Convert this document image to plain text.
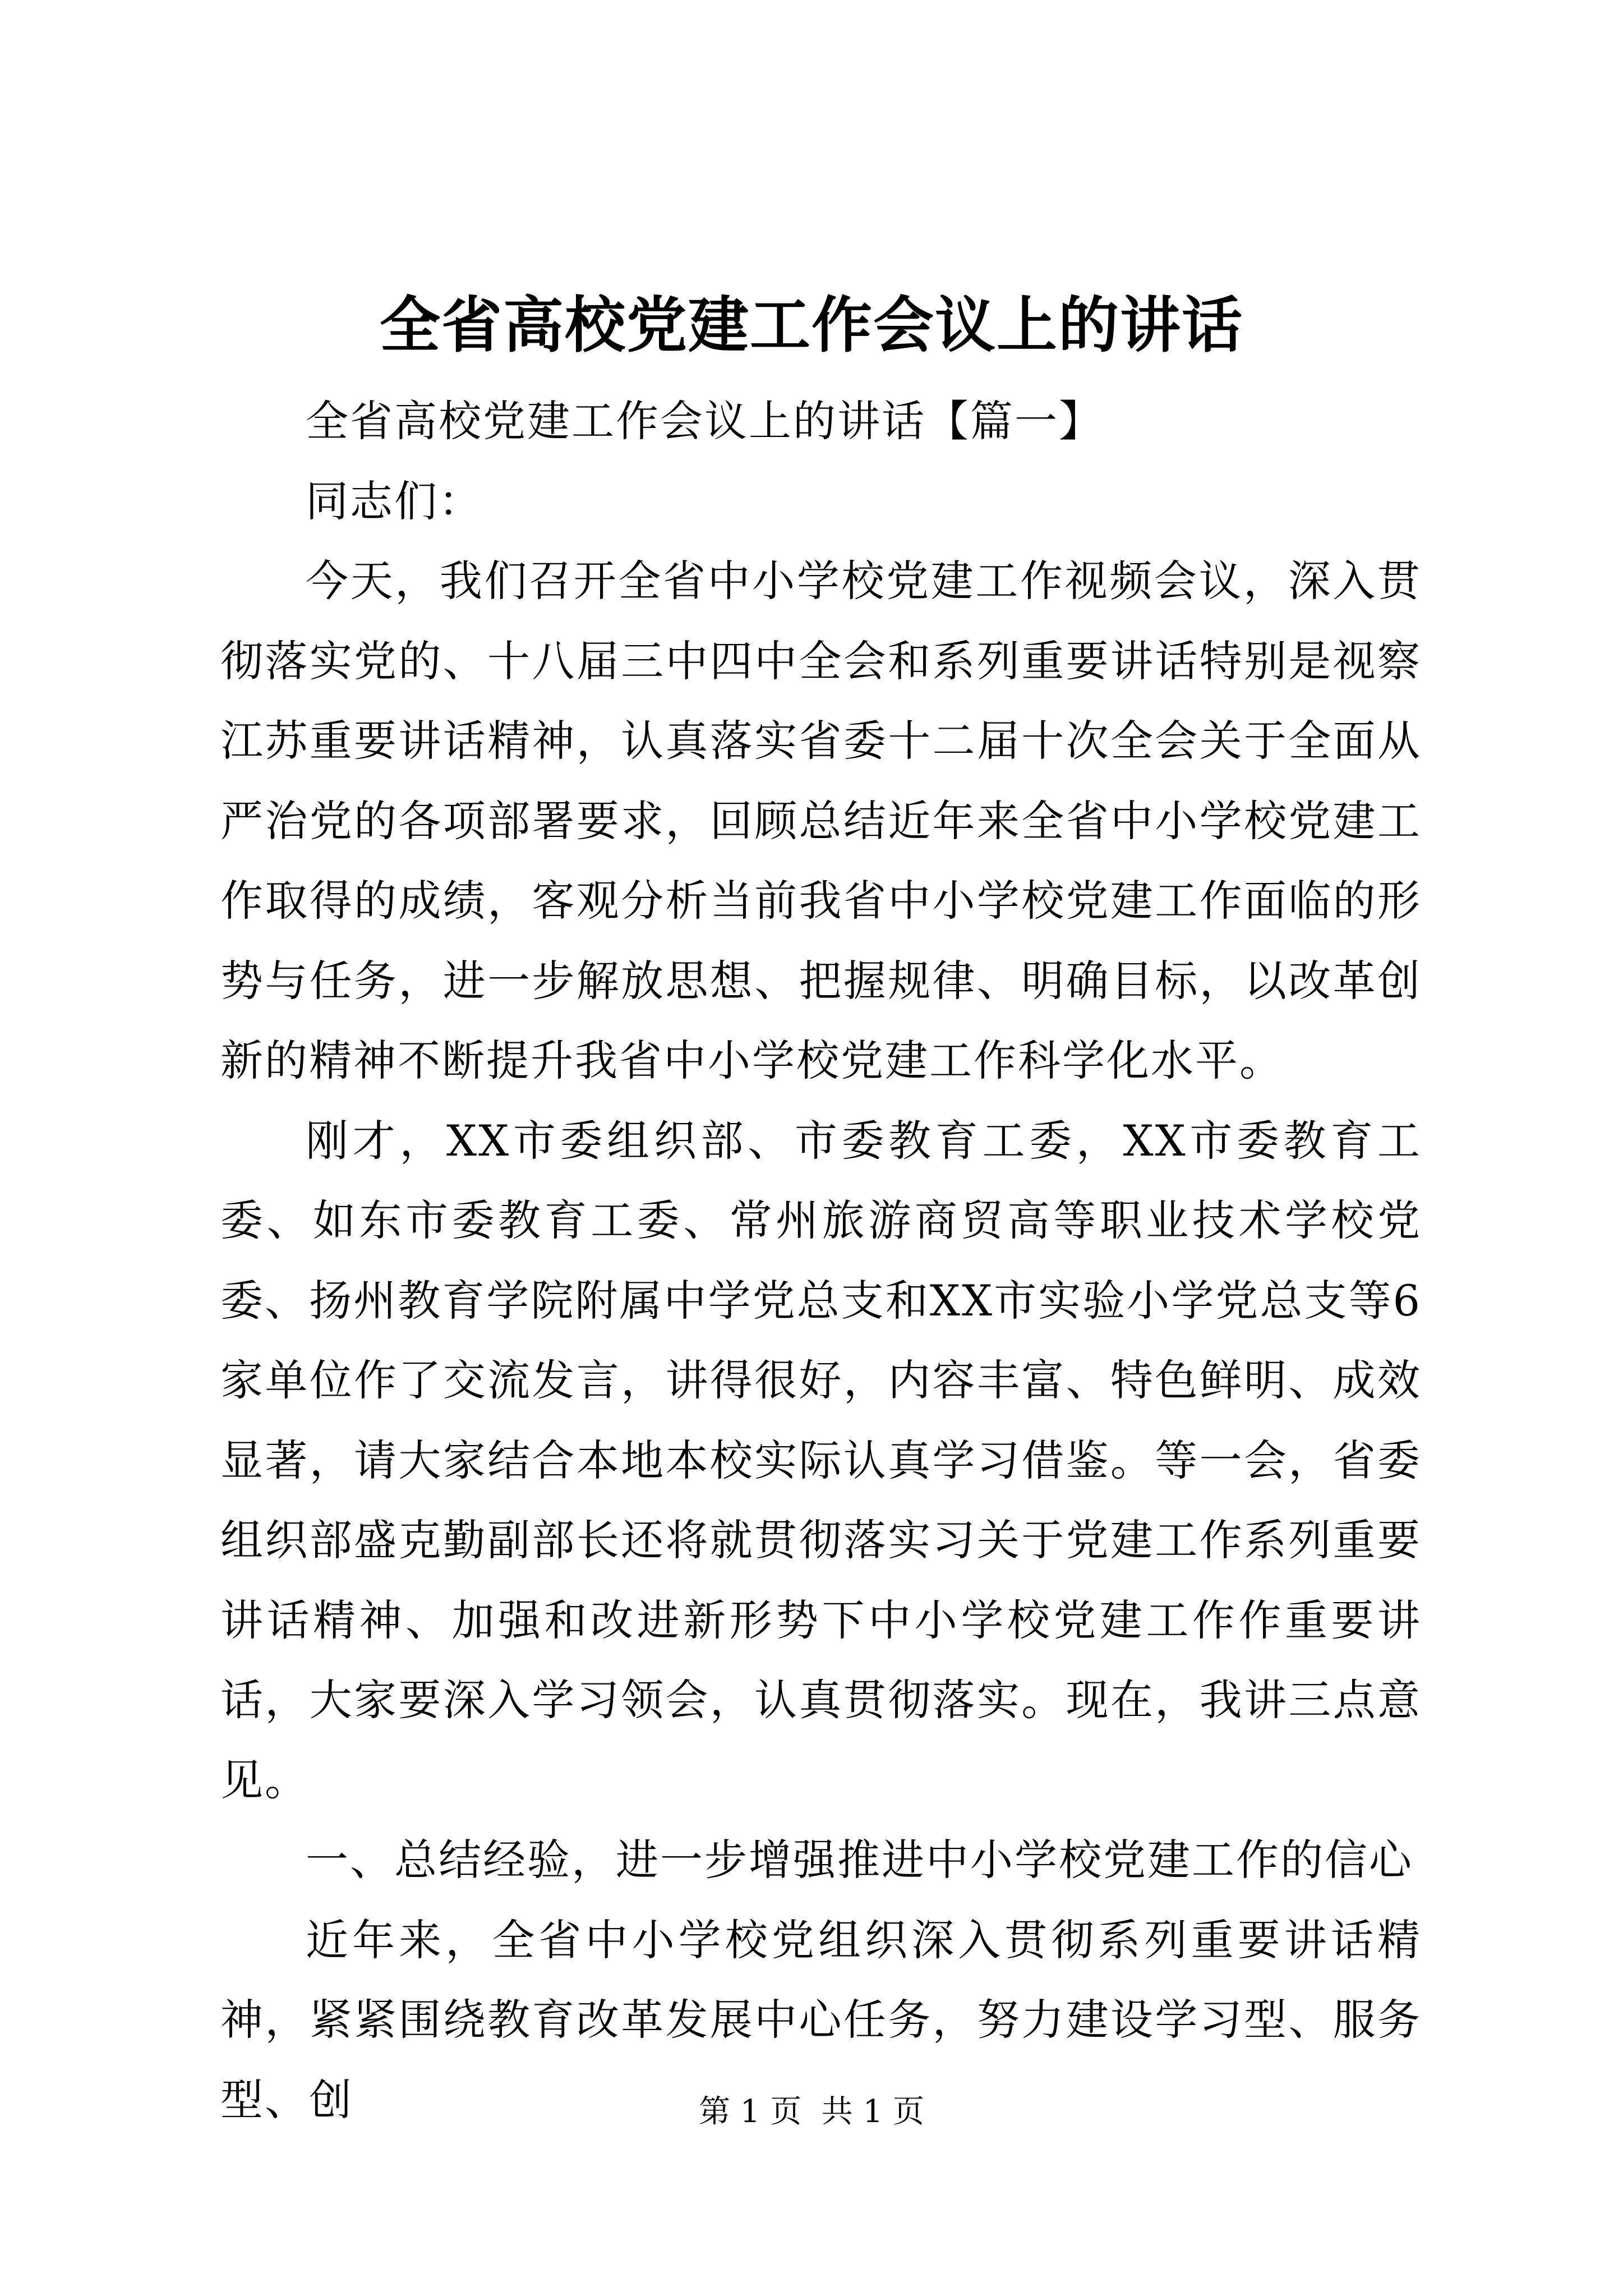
全省高校党建工作会议上的讲话

全省高校党建工作会议上的讲话【篇一】

同志们：

今天，我们召开全省中小学校党建工作视频会议，深入贯彻落实党的、十八届三中四中全会和系列重要讲话特别是视察江苏重要讲话精神，认真落实省委十二届十次全会关于全面从严治党的各项部署要求，回顾总结近年来全省中小学校党建工作取得的成绩，客观分析当前我省中小学校党建工作面临的形势与任务，进一步解放思想、把握规律、明确目标，以改革创新的精神不断提升我省中小学校党建工作科学化水平。

刚才，XX市委组织部、市委教育工委，XX市委教育工委、如东市委教育工委、常州旅游商贸高等职业技术学校党委、扬州教育学院附属中学党总支和XX市实验小学党总支等6家单位作了交流发言，讲得很好，内容丰富、特色鲜明、成效显著，请大家结合本地本校实际认真学习借鉴。等一会，省委组织部盛克勤副部长还将就贯彻落实习关于党建工作系列重要讲话精神、加强和改进新形势下中小学校党建工作作重要讲话，大家要深入学习领会，认真贯彻落实。现在，我讲三点意见。

一、总结经验，进一步增强推进中小学校党建工作的信心

近年来，全省中小学校党组织深入贯彻系列重要讲话精神，紧紧围绕教育改革发展中心任务，努力建设学习型、服务型、创	第 1 页  共 1 页
